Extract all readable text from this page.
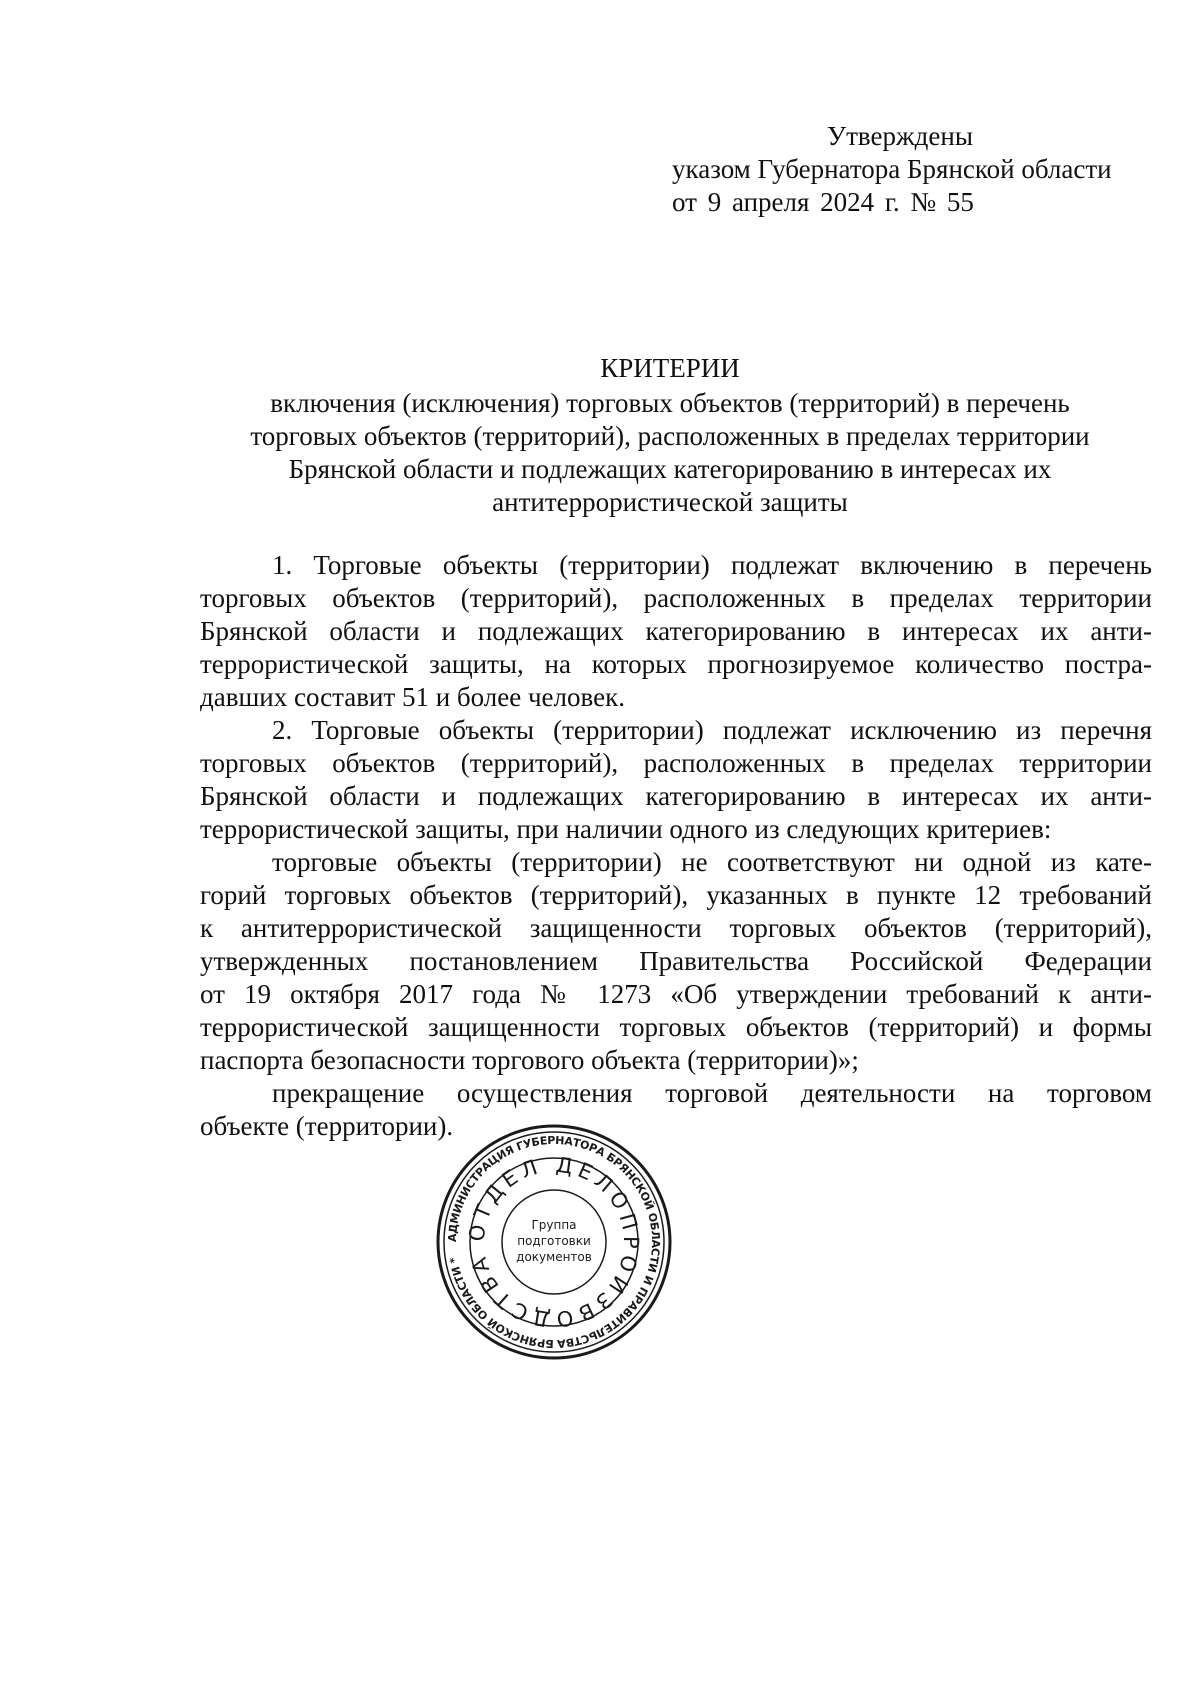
Утверждены
указом Губернатора Брянской области
от 9 апреля 2024 г. № 55
КРИТЕРИИ
включения (исключения) торговых объектов (территорий) в перечень
торговых объектов (территорий), расположенных в пределах территории
Брянской области и подлежащих категорированию в интересах их
антитеррористической защиты
1. Торговые объекты (территории) подлежат включению в перечень
торговых объектов (территорий), расположенных в пределах территории
Брянской области и подлежащих категорированию в интересах их анти-
террористической защиты, на которых прогнозируемое количество постра-
давших составит 51 и более человек.
2. Торговые объекты (территории) подлежат исключению из перечня
торговых объектов (территорий), расположенных в пределах территории
Брянской области и подлежащих категорированию в интересах их анти-
террористической защиты, при наличии одного из следующих критериев:
торговые объекты (территории) не соответствуют ни одной из кате-
горий торговых объектов (территорий), указанных в пункте 12 требований
к антитеррористической защищенности торговых объектов (территорий),
утвержденных постановлением Правительства Российской Федерации
от 19 октября 2017 года № 1273 «Об утверждении требований к анти-
террористической защищенности торговых объектов (территорий) и формы
паспорта безопасности торгового объекта (территории)»;
прекращение осуществления торговой деятельности на торговом
объекте (территории).
АДМИНИСТРАЦИЯ ГУБЕРНАТОРА БРЯНСКОЙ ОБЛАСТИ И ПРАВИТЕЛЬСТВА БРЯНСКОЙ ОБЛАСТИ *
ОТДЕЛ ДЕЛОПРОИЗВОДСТВА
Группа
подготовки
документов
